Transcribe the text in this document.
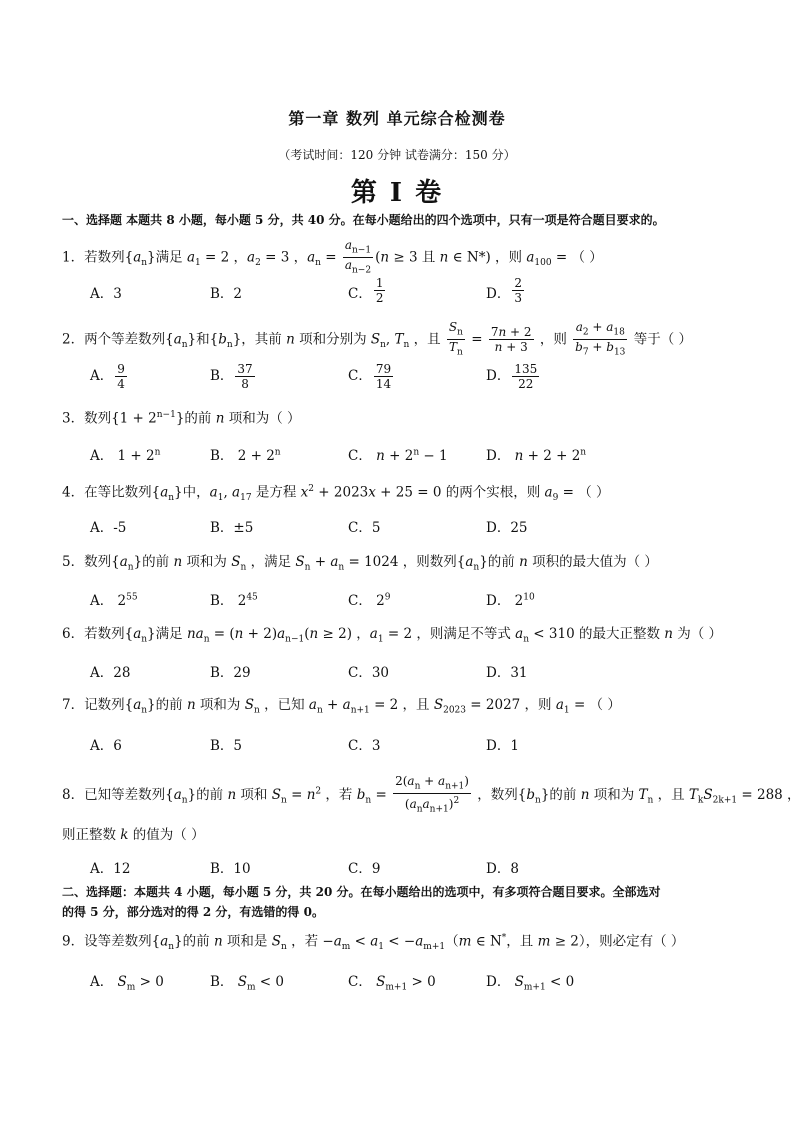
第一章 数列 单元综合检测卷
（考试时间：120 分钟 试卷满分：150 分）
第 I 卷
一、选择题 本题共 8 小题，每小题 5 分，共 40 分。在每小题给出的四个选项中，只有一项是符合题目要求的。
1．若数列$\{a_n\}$满足 $a_1 = 2$ ，$a_2 = 3$ ，$a_n = \frac{a_{n-1}}{a_{n-2}} (n \ge 3$ 且 n ∈ N*) ，则 $a_{100}$ = （ ）
A．3	B．2	C． $\frac{1}{2}$	D． $\frac{2}{3}$
2．两个等差数列$\{a_n\}$和$\{b_n\}$，其前 n 项和分别为 $S_n$, $T_n$ ，且 $\frac{S_n}{T_n} = \frac{7n + 2}{n + 3}$ ，则 $\frac{a_2 + a_{18}}{b_7 + b_{13}}$ 等于（ ）
A． $\frac{9}{4}$	B． $\frac{37}{8}$	C． $\frac{79}{14}$	D． $\frac{135}{22}$
3．数列$\{1 + 2^{n-1}\}$的前 n 项和为（ ）
A． $1 + 2^n$	B． $2 + 2^n$	C． $n + 2^n - 1$	D． $n + 2 + 2^n$
4．在等比数列$\{a_n\}$中，$a_1$, $a_{17}$ 是方程 $x^2 + 2023x + 25 = 0$ 的两个实根，则 $a_9$ = （ ）
A．-5	B．±5	C．5	D．25
5．数列$\{a_n\}$的前 n 项和为 $S_n$ ，满足 $S_n + a_n = 1024$ ，则数列$\{a_n\}$的前 n 项积的最大值为（ ）
A． $2^{55}$	B． $2^{45}$	C． $2^9$	D． $2^{10}$
6．若数列$\{a_n\}$满足 $na_n = (n + 2)a_{n-1}(n \ge 2)$ ，$a_1 = 2$ ，则满足不等式 $a_n < 310$ 的最大正整数 n 为（ ）
A．28	B．29	C．30	D．31
7．记数列$\{a_n\}$的前 n 项和为 $S_n$ ，已知 $a_n + a_{n+1} = 2$ ，且 $S_{2023} = 2027$ ，则 $a_1$ = （ ）
A．6	B．5	C．3	D．1
8．已知等差数列$\{a_n\}$的前 n 项和 $S_n = n^2$ ，若 $b_n = \frac{2(a_n + a_{n+1})}{(a_na_{n+1})^2}$ ，数列$\{b_n\}$的前 n 项和为 $T_n$ ，且 $T_kS_{2k+1} = 288$ ，
则正整数 k 的值为（ ）
A．12	B．10	C．9	D．8
二、选择题：本题共 4 小题，每小题 5 分，共 20 分。在每小题给出的选项中，有多项符合题目要求。全部选对
的得 5 分，部分选对的得 2 分，有选错的得 0。
9．设等差数列$\{a_n\}$的前 n 项和是 $S_n$ ，若 $-a_m < a_1 < -a_{m+1}(m$ ∈ N*，且 m ≥ 2），则必定有（ ）
A． $S_m > 0$	B． $S_m < 0$	C． $S_{m+1} > 0$	D． $S_{m+1} < 0$
